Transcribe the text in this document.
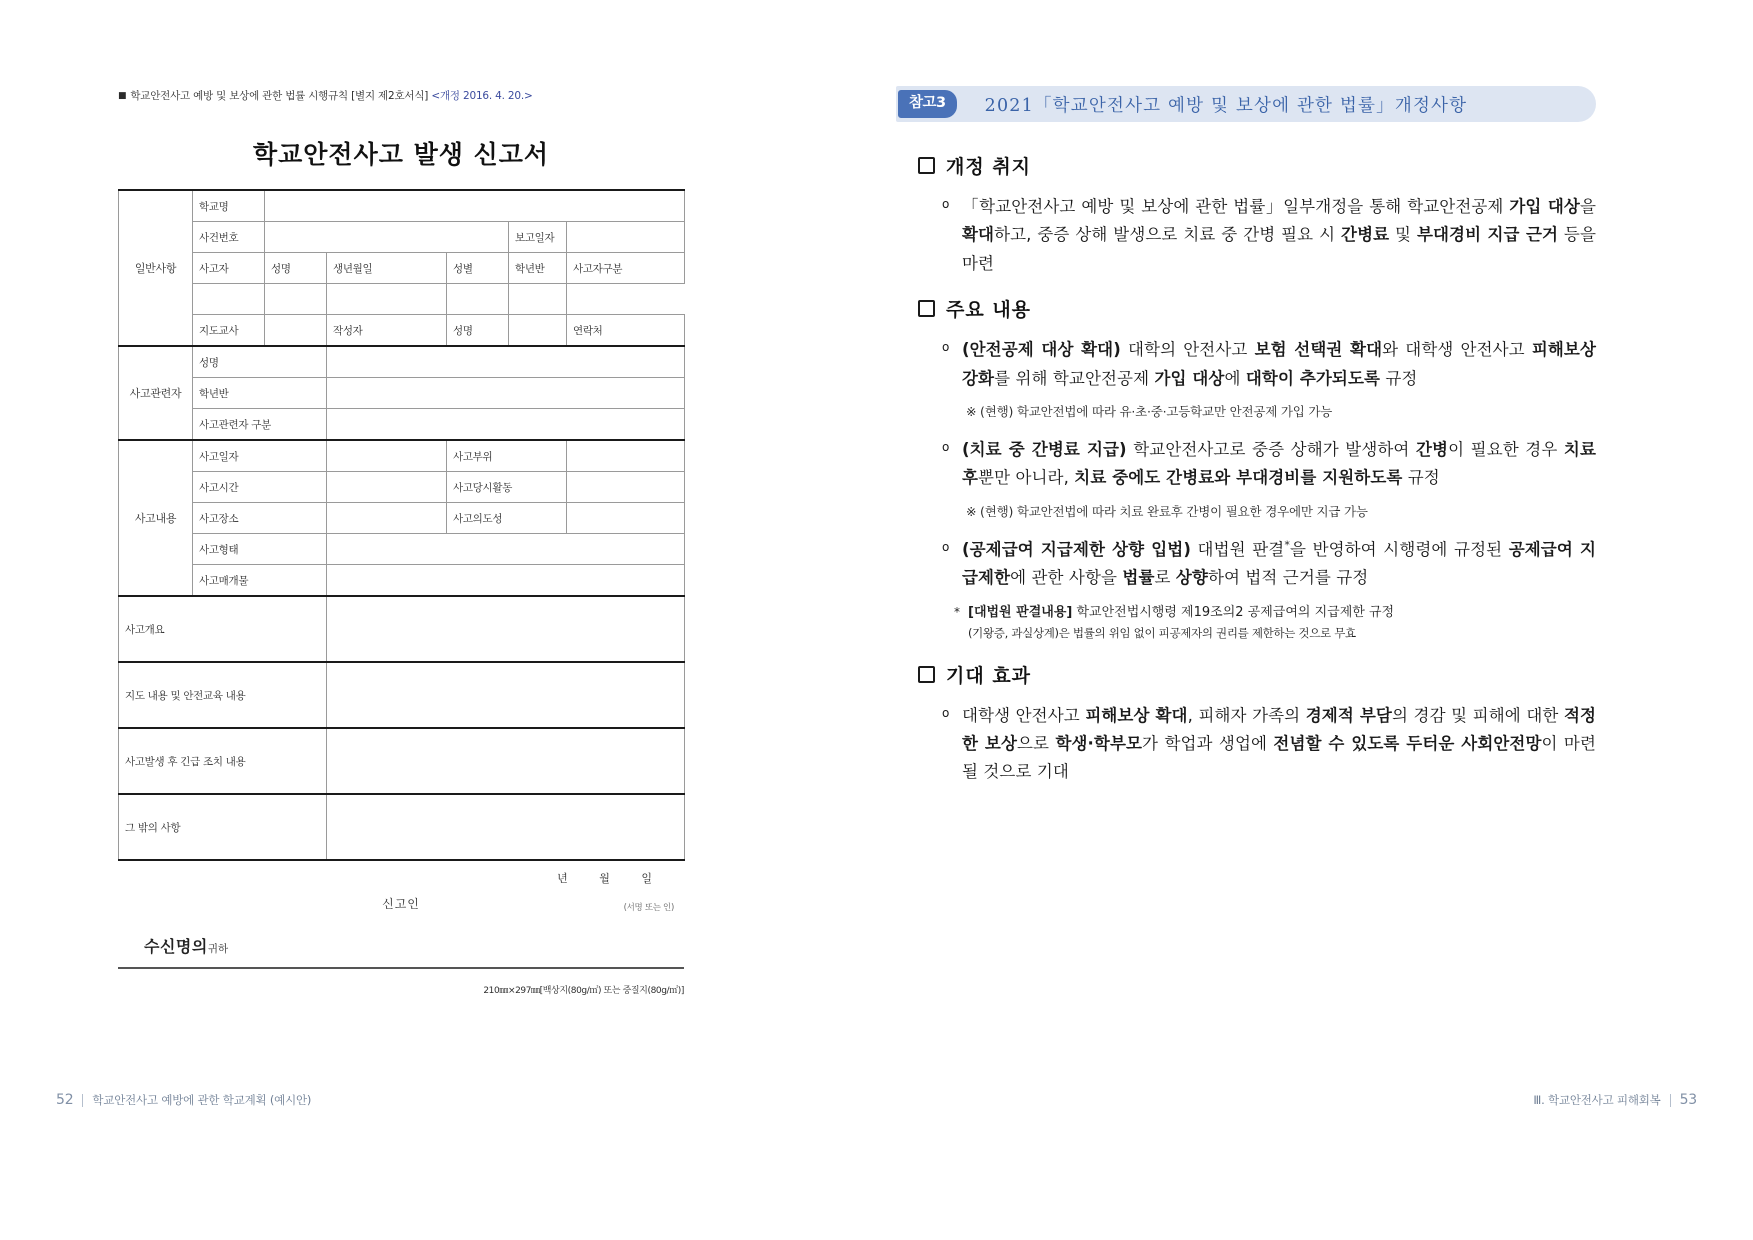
■ 학교안전사고 예방 및 보상에 관한 법률 시행규칙 [별지 제2호서식] <개정 2016. 4. 20.>
학교안전사고 발생 신고서
일반사항	학교명						
	사건번호				보고일자		
	사고자	성명	생년월일	성별	학년반	사고자구분	

	지도교사		작성자	성명		연락처	
사고관련자	성명						
	학년반						
	사고관련자 구분						
사고내용	사고일자			사고부위			
	사고시간			사고당시활동			
	사고장소			사고의도성			
	사고형태						
	사고매개물						
사고개요							
지도 내용 및 안전교육 내용							
사고발생 후 긴급 조치 내용							
그 밖의 사항							
년 월 일
신고인	(서명 또는 인)
수신명의귀하
210㎜×297㎜[백상지(80g/㎡) 또는 중질지(80g/㎡)]
52 학교안전사고 예방에 관한 학교계획 (예시안)
참고3	2021「학교안전사고 예방 및 보상에 관한 법률」개정사항
개정 취지
o 「학교안전사고 예방 및 보상에 관한 법률」일부개정을 통해 학교안전공제 가입 대상을 확대하고, 중증 상해 발생으로 치료 중 간병 필요 시 간병료 및 부대경비 지급 근거 등을 마련
주요 내용
o (안전공제 대상 확대) 대학의 안전사고 보험 선택권 확대와 대학생 안전사고 피해보상 강화를 위해 학교안전공제 가입 대상에 대학이 추가되도록 규정
※ (현행) 학교안전법에 따라 유·초·중·고등학교만 안전공제 가입 가능
o (치료 중 간병료 지급) 학교안전사고로 중증 상해가 발생하여 간병이 필요한 경우 치료 후뿐만 아니라, 치료 중에도 간병료와 부대경비를 지원하도록 규정
※ (현행) 학교안전법에 따라 치료 완료후 간병이 필요한 경우에만 지급 가능
o (공제급여 지급제한 상향 입법) 대법원 판결*을 반영하여 시행령에 규정된 공제급여 지급제한에 관한 사항을 법률로 상향하여 법적 근거를 규정
* [대법원 판결내용] 학교안전법시행령 제19조의2 공제급여의 지급제한 규정
(기왕증, 과실상계)은 법률의 위임 없이 피공제자의 권리를 제한하는 것으로 무효
기대 효과
o 대학생 안전사고 피해보상 확대, 피해자 가족의 경제적 부담의 경감 및 피해에 대한 적정한 보상으로 학생·학부모가 학업과 생업에 전념할 수 있도록 두터운 사회안전망이 마련될 것으로 기대
Ⅲ. 학교안전사고 피해회복 53
